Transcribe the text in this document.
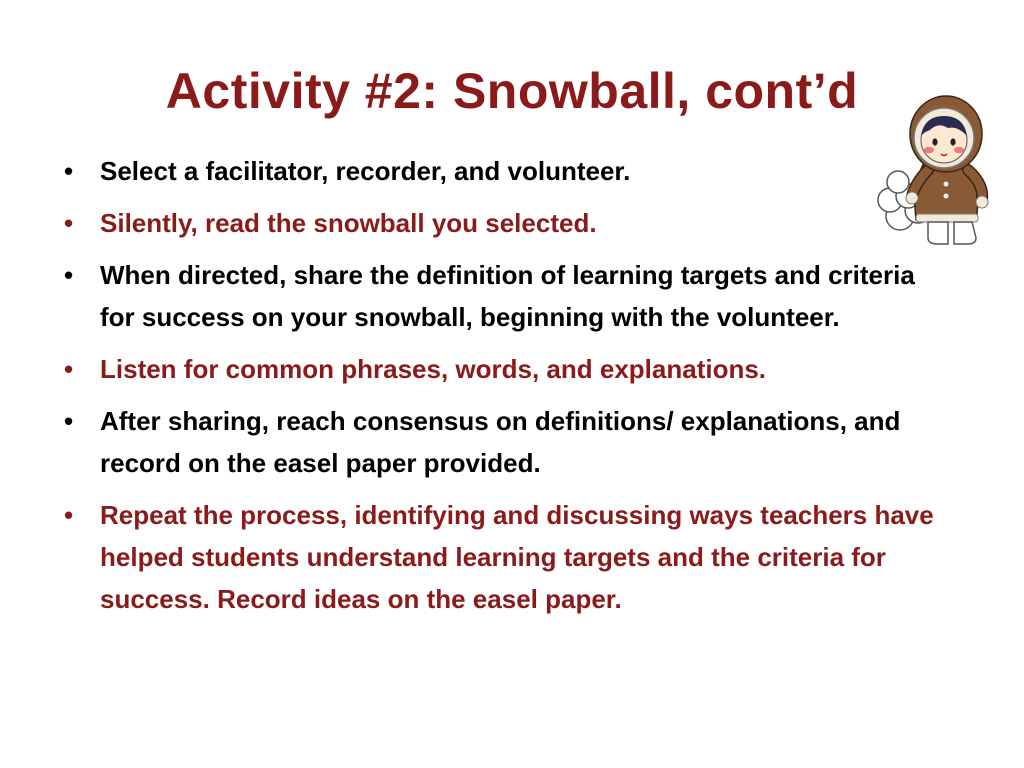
Activity #2: Snowball, cont’d
•	Select a facilitator, recorder, and volunteer.
•	Silently, read the snowball you selected.
•	When directed, share the definition of learning targets and criteria for success on your snowball, beginning with the volunteer.
•	Listen for common phrases, words, and explanations.
•	After sharing, reach consensus on definitions/ explanations, and record on the easel paper provided.
•	Repeat the process, identifying and discussing ways teachers have helped students understand learning targets and the criteria for success. Record ideas on the easel paper.
